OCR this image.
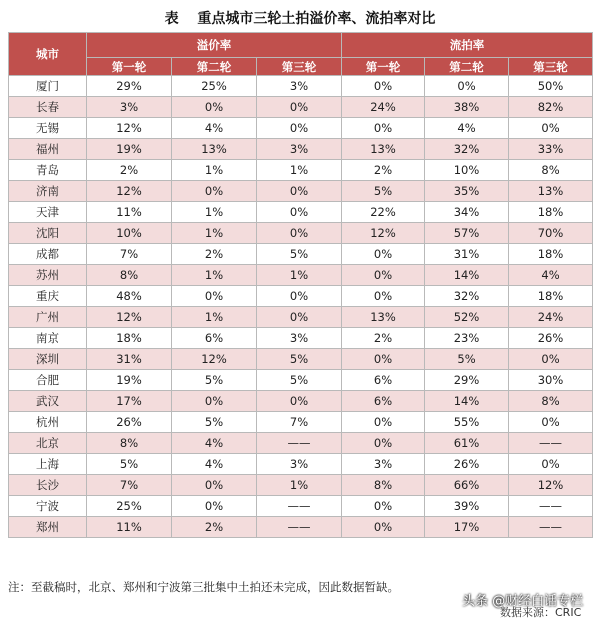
表　 重点城市三轮土拍溢价率、流拍率对比
城市	溢价率			流拍率		
	第一轮	第二轮	第三轮	第一轮	第二轮	第三轮
厦门	29%	25%	3%	0%	0%	50%
长春	3%	0%	0%	24%	38%	82%
无锡	12%	4%	0%	0%	4%	0%
福州	19%	13%	3%	13%	32%	33%
青岛	2%	1%	1%	2%	10%	8%
济南	12%	0%	0%	5%	35%	13%
天津	11%	1%	0%	22%	34%	18%
沈阳	10%	1%	0%	12%	57%	70%
成都	7%	2%	5%	0%	31%	18%
苏州	8%	1%	1%	0%	14%	4%
重庆	48%	0%	0%	0%	32%	18%
广州	12%	1%	0%	13%	52%	24%
南京	18%	6%	3%	2%	23%	26%
深圳	31%	12%	5%	0%	5%	0%
合肥	19%	5%	5%	6%	29%	30%
武汉	17%	0%	0%	6%	14%	8%
杭州	26%	5%	7%	0%	55%	0%
北京	8%	4%	——	0%	61%	——
上海	5%	4%	3%	3%	26%	0%
长沙	7%	0%	1%	8%	66%	12%
宁波	25%	0%	——	0%	39%	——
郑州	11%	2%	——	0%	17%	——
注：至截稿时，北京、郑州和宁波第三批集中土拍还未完成，因此数据暂缺。
头条 @财经白话专栏
数据来源：CRIC
